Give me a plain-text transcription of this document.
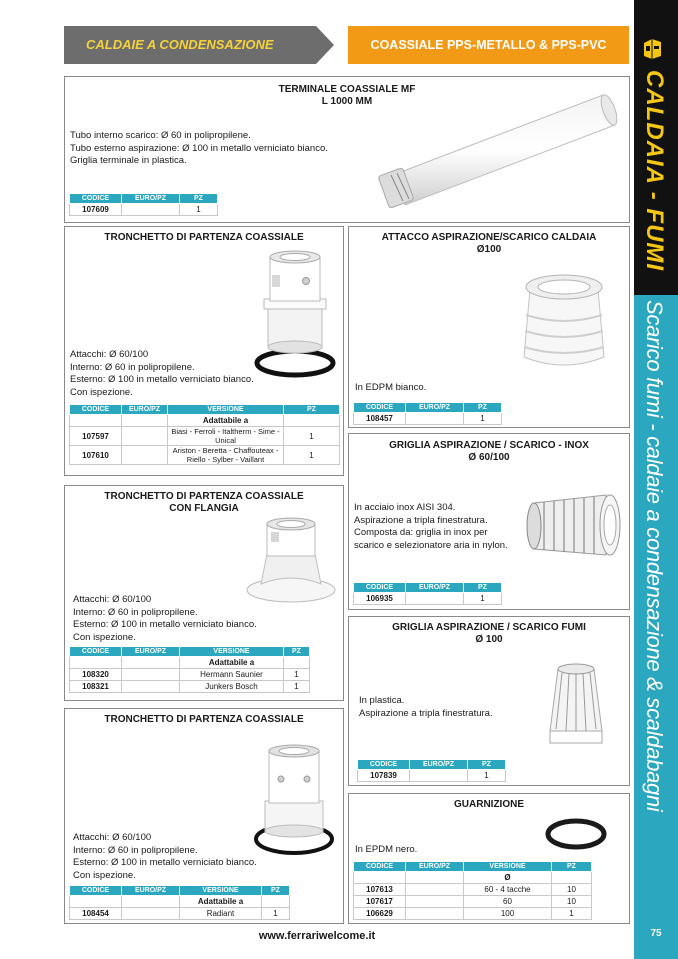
CALDAIE A CONDENSAZIONE	COASSIALE PPS-METALLO & PPS-PVC
CALDAIA - FUMI
Scarico fumi - caldaie a condensazione & scaldabagni
75
TERMINALE COASSIALE MF
L 1000 MM
Tubo interno scarico: Ø 60 in polipropilene.
Tubo esterno aspirazione: Ø 100 in metallo verniciato bianco.
Griglia terminale in plastica.
CODICE	EURO/PZ	PZ
107609		1
TRONCHETTO DI PARTENZA COASSIALE
Attacchi: Ø 60/100
Interno: Ø 60 in polipropilene.
Esterno: Ø 100 in metallo verniciato bianco.
Con ispezione.
CODICE	EURO/PZ	VERSIONE	PZ
		Adattabile a	
107597		Biasi - Ferroli - Italtherm - Sime - Unical	1
107610		Ariston - Beretta - Chaffouteax - Riello - Sylber - Vaillant	1
TRONCHETTO DI PARTENZA COASSIALE
CON FLANGIA
Attacchi: Ø 60/100
Interno: Ø 60 in polipropilene.
Esterno: Ø 100 in metallo verniciato bianco.
Con ispezione.
CODICE	EURO/PZ	VERSIONE	PZ
		Adattabile a	
108320		Hermann Saunier	1
108321		Junkers Bosch	1
TRONCHETTO DI PARTENZA COASSIALE
Attacchi: Ø 60/100
Interno: Ø 60 in polipropilene.
Esterno: Ø 100 in metallo verniciato bianco.
Con ispezione.
CODICE	EURO/PZ	VERSIONE	PZ
		Adattabile a	
108454		Radiant	1
ATTACCO ASPIRAZIONE/SCARICO CALDAIA
Ø100
In EDPM bianco.
CODICE	EURO/PZ	PZ
108457		1
GRIGLIA ASPIRAZIONE / SCARICO - INOX
Ø 60/100
In acciaio inox AISI 304.
Aspirazione a tripla finestratura.
Composta da: griglia in inox per
scarico e selezionatore aria in nylon.
CODICE	EURO/PZ	PZ
106935		1
GRIGLIA ASPIRAZIONE / SCARICO FUMI
Ø 100
In plastica.
Aspirazione a tripla finestratura.
CODICE	EURO/PZ	PZ
107839		1
GUARNIZIONE
In EPDM nero.
CODICE	EURO/PZ	VERSIONE	PZ
		Ø	
107613		60 - 4 tacche	10
107617		60	10
106629		100	1
www.ferrariwelcome.it
